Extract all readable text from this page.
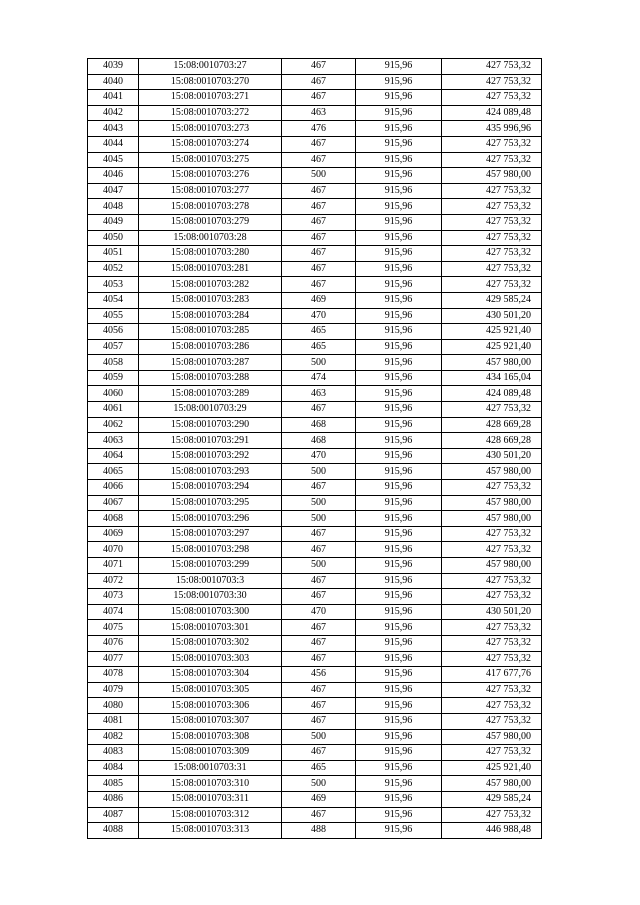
4039	15:08:0010703:27	467	915,96	427 753,32
4040	15:08:0010703:270	467	915,96	427 753,32
4041	15:08:0010703:271	467	915,96	427 753,32
4042	15:08:0010703:272	463	915,96	424 089,48
4043	15:08:0010703:273	476	915,96	435 996,96
4044	15:08:0010703:274	467	915,96	427 753,32
4045	15:08:0010703:275	467	915,96	427 753,32
4046	15:08:0010703:276	500	915,96	457 980,00
4047	15:08:0010703:277	467	915,96	427 753,32
4048	15:08:0010703:278	467	915,96	427 753,32
4049	15:08:0010703:279	467	915,96	427 753,32
4050	15:08:0010703:28	467	915,96	427 753,32
4051	15:08:0010703:280	467	915,96	427 753,32
4052	15:08:0010703:281	467	915,96	427 753,32
4053	15:08:0010703:282	467	915,96	427 753,32
4054	15:08:0010703:283	469	915,96	429 585,24
4055	15:08:0010703:284	470	915,96	430 501,20
4056	15:08:0010703:285	465	915,96	425 921,40
4057	15:08:0010703:286	465	915,96	425 921,40
4058	15:08:0010703:287	500	915,96	457 980,00
4059	15:08:0010703:288	474	915,96	434 165,04
4060	15:08:0010703:289	463	915,96	424 089,48
4061	15:08:0010703:29	467	915,96	427 753,32
4062	15:08:0010703:290	468	915,96	428 669,28
4063	15:08:0010703:291	468	915,96	428 669,28
4064	15:08:0010703:292	470	915,96	430 501,20
4065	15:08:0010703:293	500	915,96	457 980,00
4066	15:08:0010703:294	467	915,96	427 753,32
4067	15:08:0010703:295	500	915,96	457 980,00
4068	15:08:0010703:296	500	915,96	457 980,00
4069	15:08:0010703:297	467	915,96	427 753,32
4070	15:08:0010703:298	467	915,96	427 753,32
4071	15:08:0010703:299	500	915,96	457 980,00
4072	15:08:0010703:3	467	915,96	427 753,32
4073	15:08:0010703:30	467	915,96	427 753,32
4074	15:08:0010703:300	470	915,96	430 501,20
4075	15:08:0010703:301	467	915,96	427 753,32
4076	15:08:0010703:302	467	915,96	427 753,32
4077	15:08:0010703:303	467	915,96	427 753,32
4078	15:08:0010703:304	456	915,96	417 677,76
4079	15:08:0010703:305	467	915,96	427 753,32
4080	15:08:0010703:306	467	915,96	427 753,32
4081	15:08:0010703:307	467	915,96	427 753,32
4082	15:08:0010703:308	500	915,96	457 980,00
4083	15:08:0010703:309	467	915,96	427 753,32
4084	15:08:0010703:31	465	915,96	425 921,40
4085	15:08:0010703:310	500	915,96	457 980,00
4086	15:08:0010703:311	469	915,96	429 585,24
4087	15:08:0010703:312	467	915,96	427 753,32
4088	15:08:0010703:313	488	915,96	446 988,48
